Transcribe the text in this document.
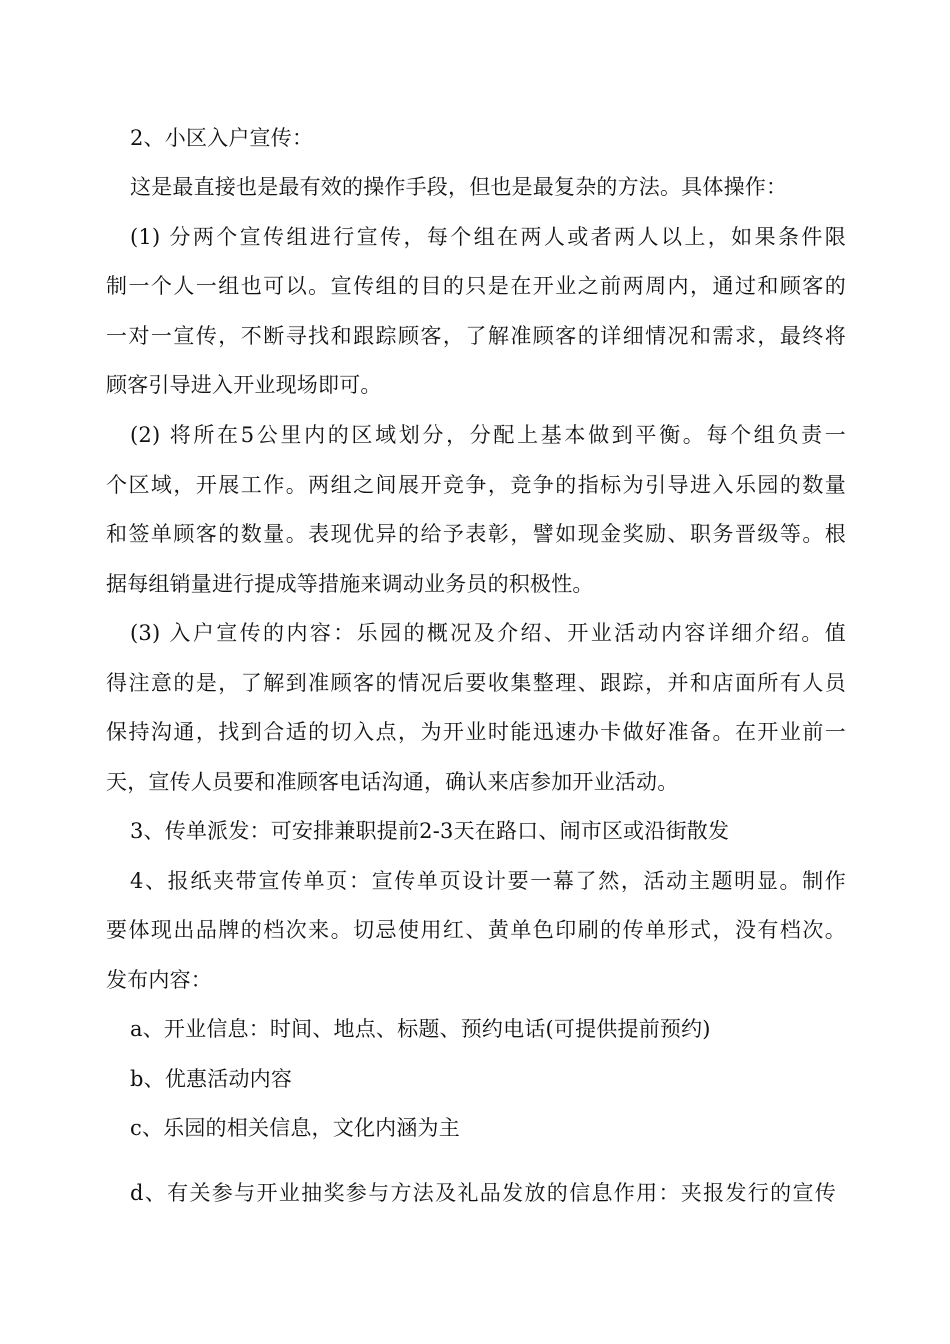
2、小区入户宣传：
这是最直接也是最有效的操作手段，但也是最复杂的方法。具体操作：
(1) 分两个宣传组进行宣传，每个组在两人或者两人以上，如果条件限
制一个人一组也可以。宣传组的目的只是在开业之前两周内，通过和顾客的
一对一宣传，不断寻找和跟踪顾客，了解准顾客的详细情况和需求，最终将
顾客引导进入开业现场即可。
(2) 将所在5公里内的区域划分，分配上基本做到平衡。每个组负责一
个区域，开展工作。两组之间展开竞争，竞争的指标为引导进入乐园的数量
和签单顾客的数量。表现优异的给予表彰，譬如现金奖励、职务晋级等。根
据每组销量进行提成等措施来调动业务员的积极性。
(3) 入户宣传的内容：乐园的概况及介绍、开业活动内容详细介绍。值
得注意的是，了解到准顾客的情况后要收集整理、跟踪，并和店面所有人员
保持沟通，找到合适的切入点，为开业时能迅速办卡做好准备。在开业前一
天，宣传人员要和准顾客电话沟通，确认来店参加开业活动。
3、传单派发：可安排兼职提前2-3天在路口、闹市区或沿街散发
4、报纸夹带宣传单页：宣传单页设计要一幕了然，活动主题明显。制作
要体现出品牌的档次来。切忌使用红、黄单色印刷的传单形式，没有档次。
发布内容：
a、开业信息：时间、地点、标题、预约电话(可提供提前预约)
b、优惠活动内容
c、乐园的相关信息，文化内涵为主
d、有关参与开业抽奖参与方法及礼品发放的信息作用：夹报发行的宣传
